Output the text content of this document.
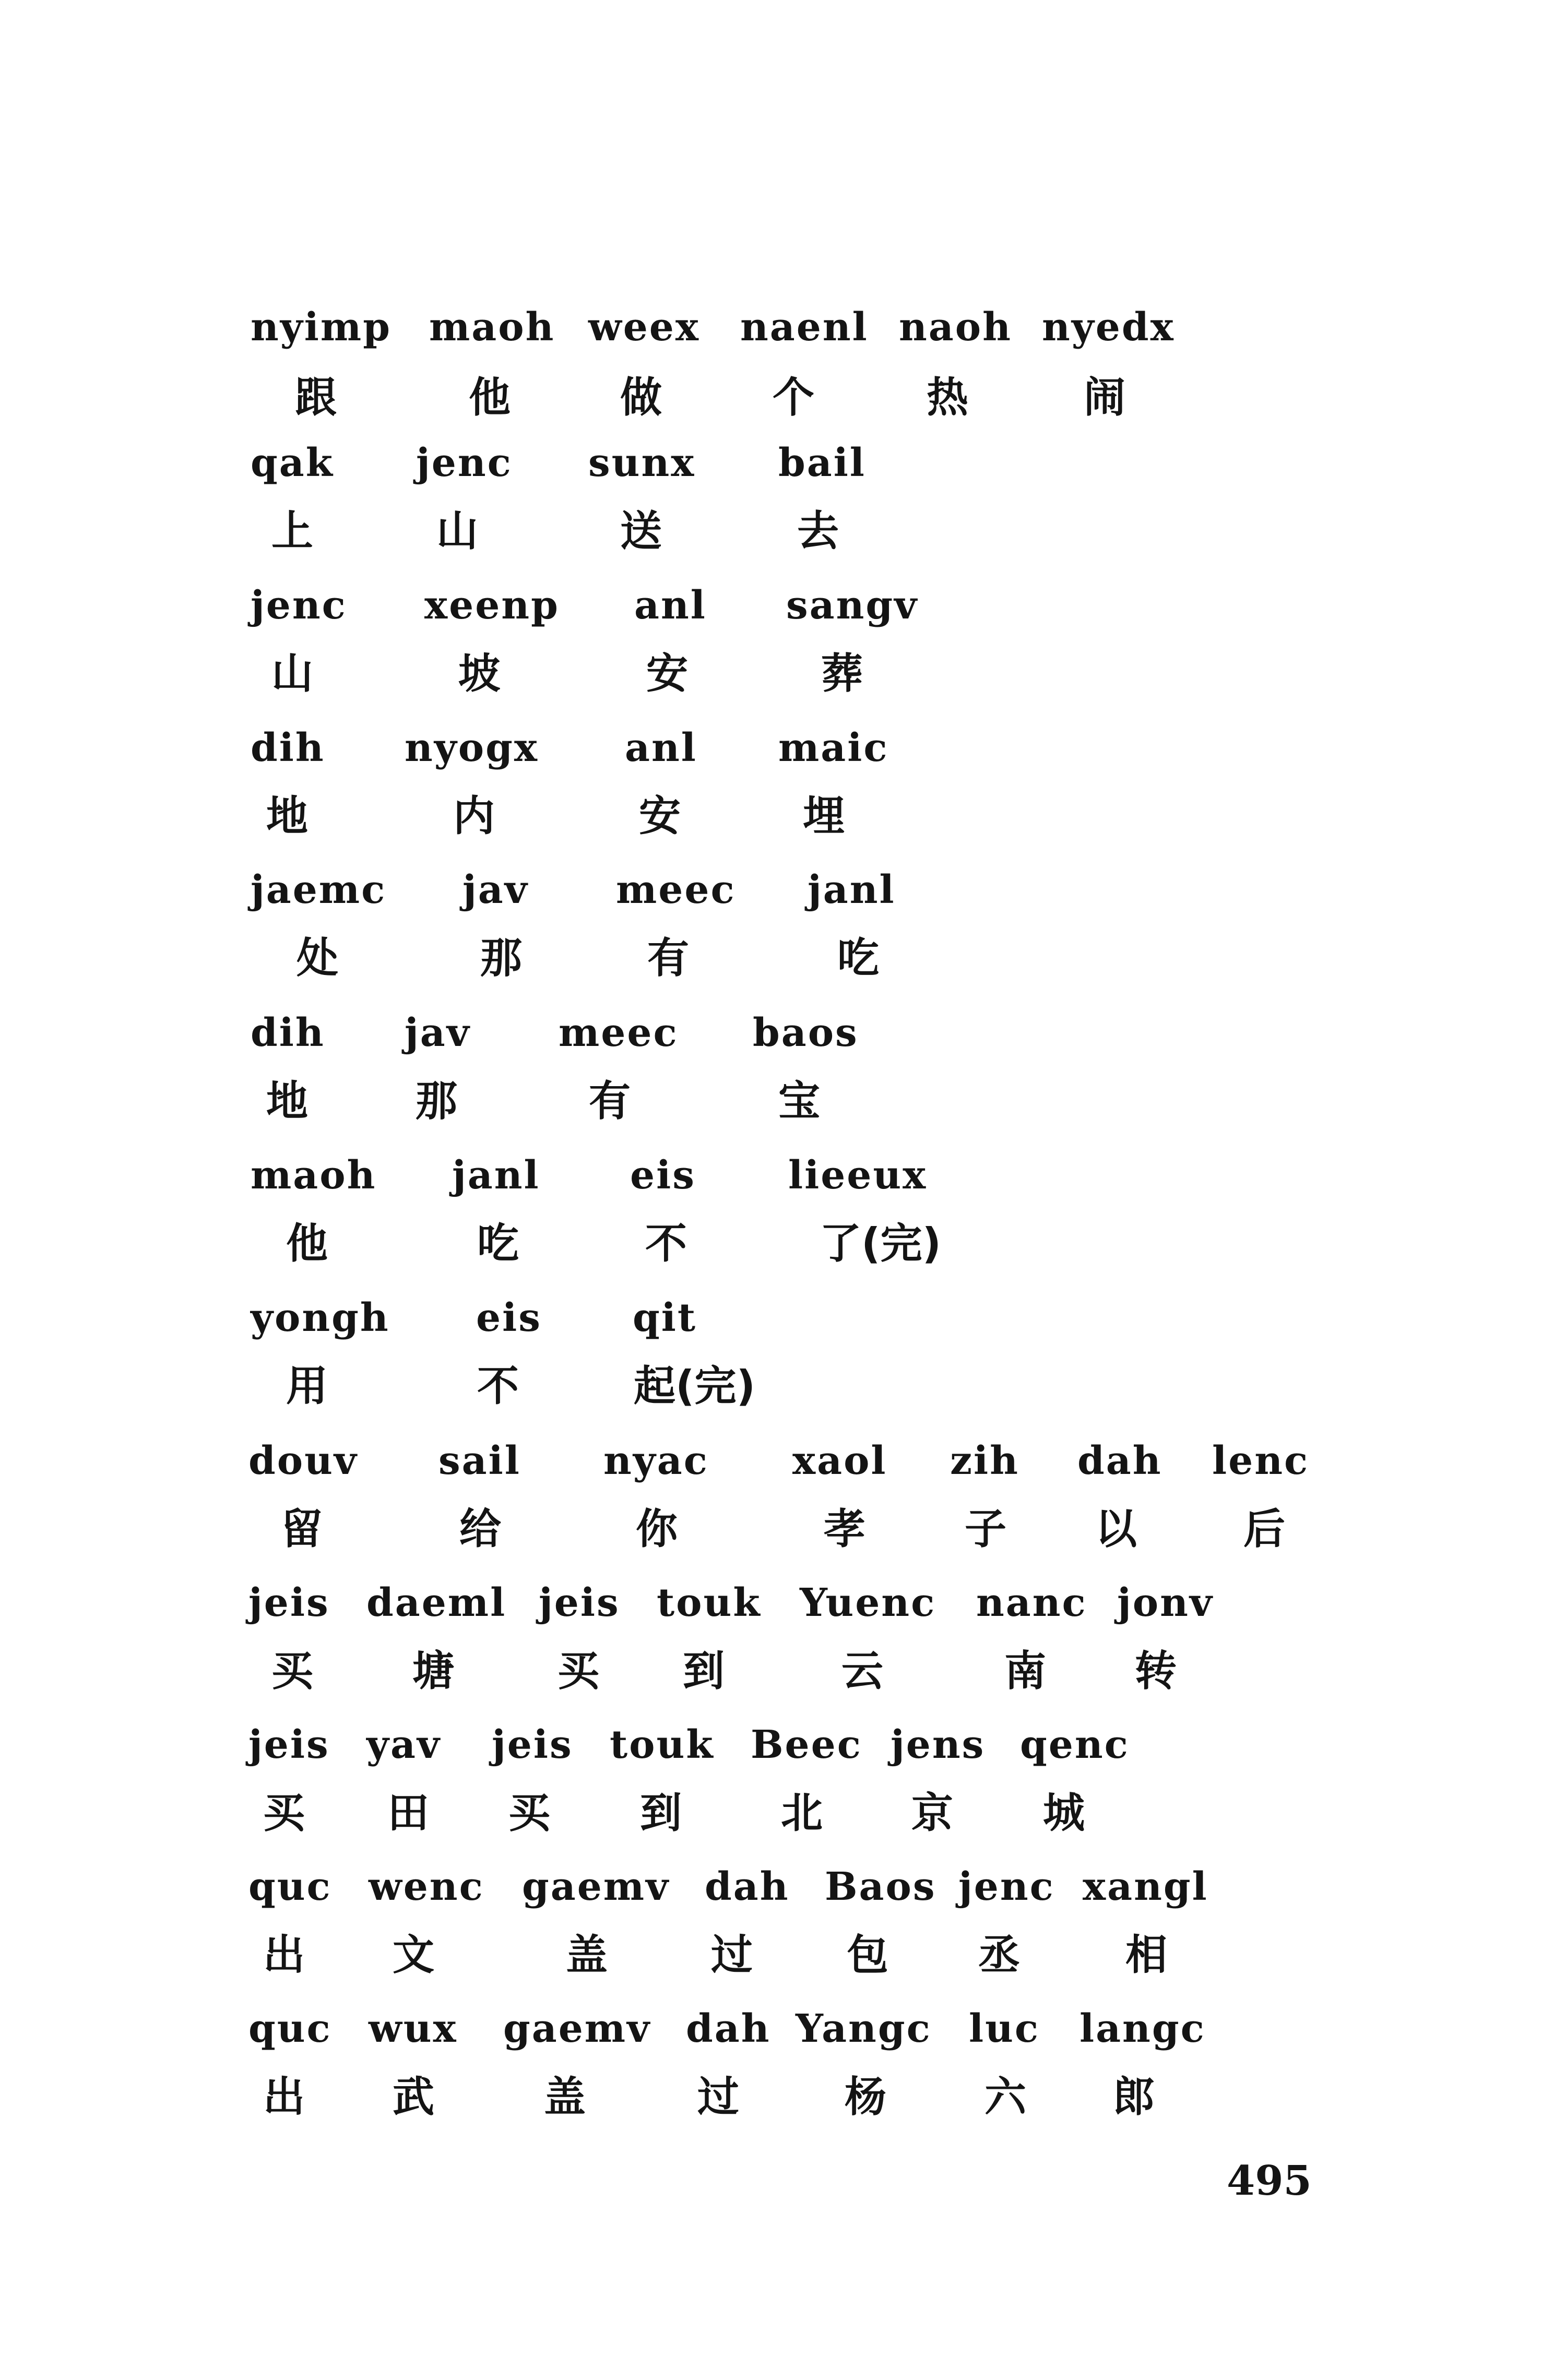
nyimp maoh weex naenl naoh nyedx
跟	他	做	个	热	闹
qak jenc sunx bail
上	山	送	去
jenc xeenp anl sangv
山	坡	安	葬
dih nyogx anl maic
地	内	安	埋
jaemc jav meec janl
处	那	有	吃
dih jav meec baos
地	那	有	宝
maoh janl eis lieeux
他	吃	不	了(完)
yongh eis qit
用	不	起(完)
douv sail nyac xaol zih dah lenc
留	给	你	孝 子 以	后
jeis daeml jeis touk Yuenc nanc jonv
买 塘 买 到	云	南 转
jeis yav jeis touk Beec jens qenc
买 田 买 到 北 京 城
quc wenc gaemv dah Baos jenc xangl
出 文	盖 过 包 丞	相
quc wux gaemv dah Yangc luc langc
出 武	盖	过	杨 六 郎
495
